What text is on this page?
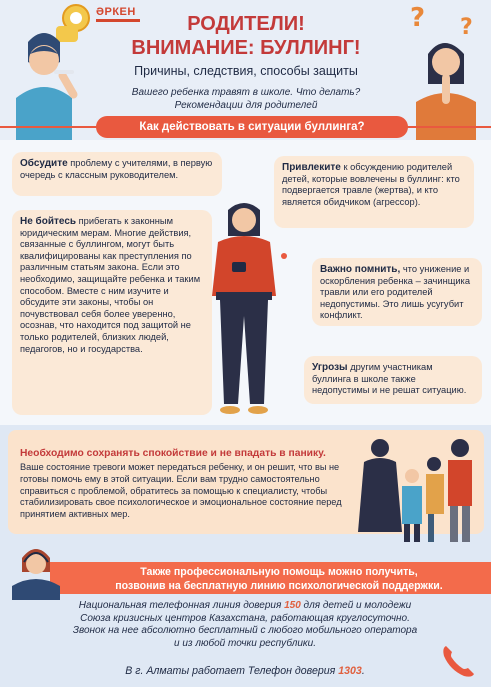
ӘРКЕН	? ?
РОДИТЕЛИ!
ВНИМАНИЕ: БУЛЛИНГ!
Причины, следствия, способы защиты
Вашего ребенка травят в школе. Что делать?
Рекомендации для родителей
Как действовать в ситуации буллинга?
Обсудите проблему с учителями, в первую очередь с классным руководителем.
Не бойтесь прибегать к законным юридическим мерам. Многие действия, связанные с буллингом, могут быть квалифицированы как преступления по различным статьям закона. Если это необходимо, защищайте ребенка и таким способом. Вместе с ним изучите и обсудите эти законы, чтобы он почувствовал себя более уверенно, осознав, что находится под защитой не только родителей, близких людей, педагогов, но и государства.
Привлеките к обсуждению родителей детей, которые вовлечены в буллинг: кто подвергается травле (жертва), и кто является обидчиком (агрессор).
Важно помнить, что унижение и оскорбления ребенка – зачинщика травли или его родителей недопустимы. Это лишь усугубит конфликт.
Угрозы другим участникам буллинга в школе также недопустимы и не решат ситуацию.
Необходимо сохранять спокойствие и не впадать в панику.
Ваше состояние тревоги может передаться ребенку, и он решит, что вы не готовы помочь ему в этой ситуации. Если вам трудно самостоятельно справиться с проблемой, обратитесь за помощью к специалисту, чтобы стабилизировать свое психологическое и эмоциональное состояние перед принятием активных мер.
Также профессиональную помощь можно получить,
позвонив на бесплатную линию психологической поддержки.
Национальная телефонная линия доверия 150 для детей и молодежи
Союза кризисных центров Казахстана, работающая круглосуточно.
Звонок на нее абсолютно бесплатный с любого мобильного оператора
и из любой точки республики.
В г. Алматы работает Телефон доверия 1303.
